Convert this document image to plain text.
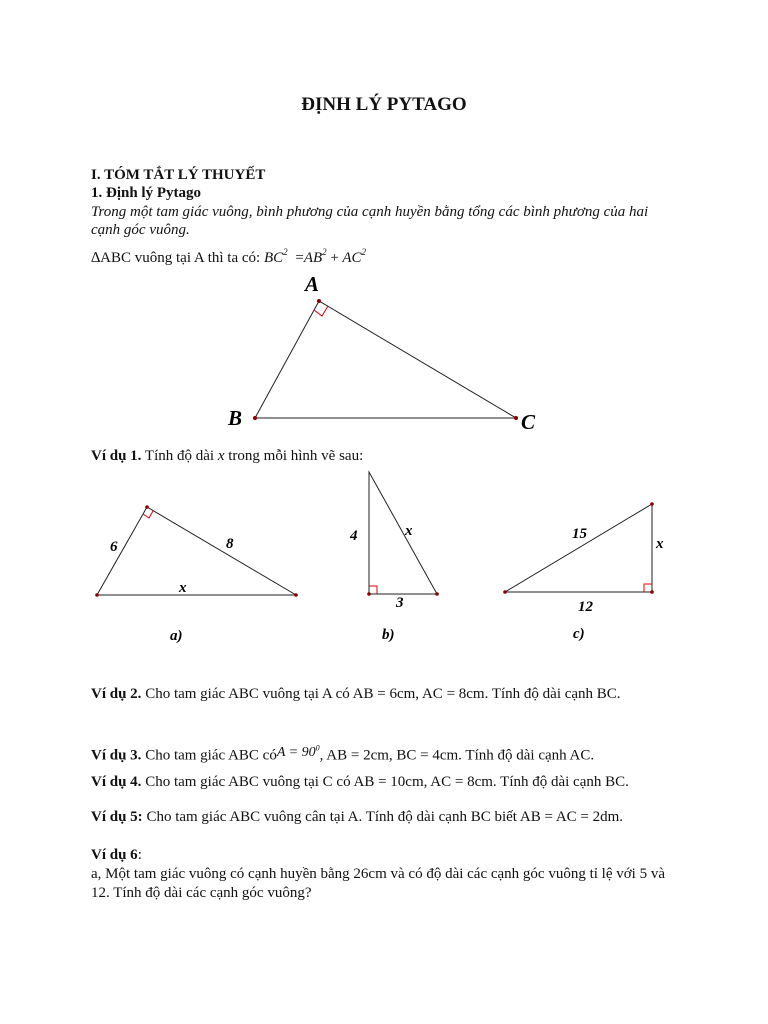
ĐỊNH LÝ PYTAGO
I. TÓM TẮT LÝ THUYẾT
1. Định lý Pytago
Trong một tam giác vuông, bình phương của cạnh huyền bằng tổng các bình phương của hai
cạnh góc vuông.
∆ABC vuông tại A thì ta có: $BC^2 =AB^2 + AC^2$
A
B	C
Ví dụ 1. Tính độ dài x trong mỗi hình vẽ sau:
6	8
x
a)
4	x
3
b)
15
x
12
c)
Ví dụ 2. Cho tam giác ABC vuông tại A có AB = 6cm, AC = 8cm. Tính độ dài cạnh BC.
Ví dụ 3. Cho tam giác ABC cóA = $90^0$, AB = 2cm, BC = 4cm. Tính độ dài cạnh AC.
Ví dụ 4. Cho tam giác ABC vuông tại C có AB = 10cm, AC = 8cm. Tính độ dài cạnh BC.
Ví dụ 5: Cho tam giác ABC vuông cân tại A. Tính độ dài cạnh BC biết AB = AC = 2dm.
Ví dụ 6:
a, Một tam giác vuông có cạnh huyền bằng 26cm và có độ dài các cạnh góc vuông tỉ lệ với 5 và
12. Tính độ dài các cạnh góc vuông?
